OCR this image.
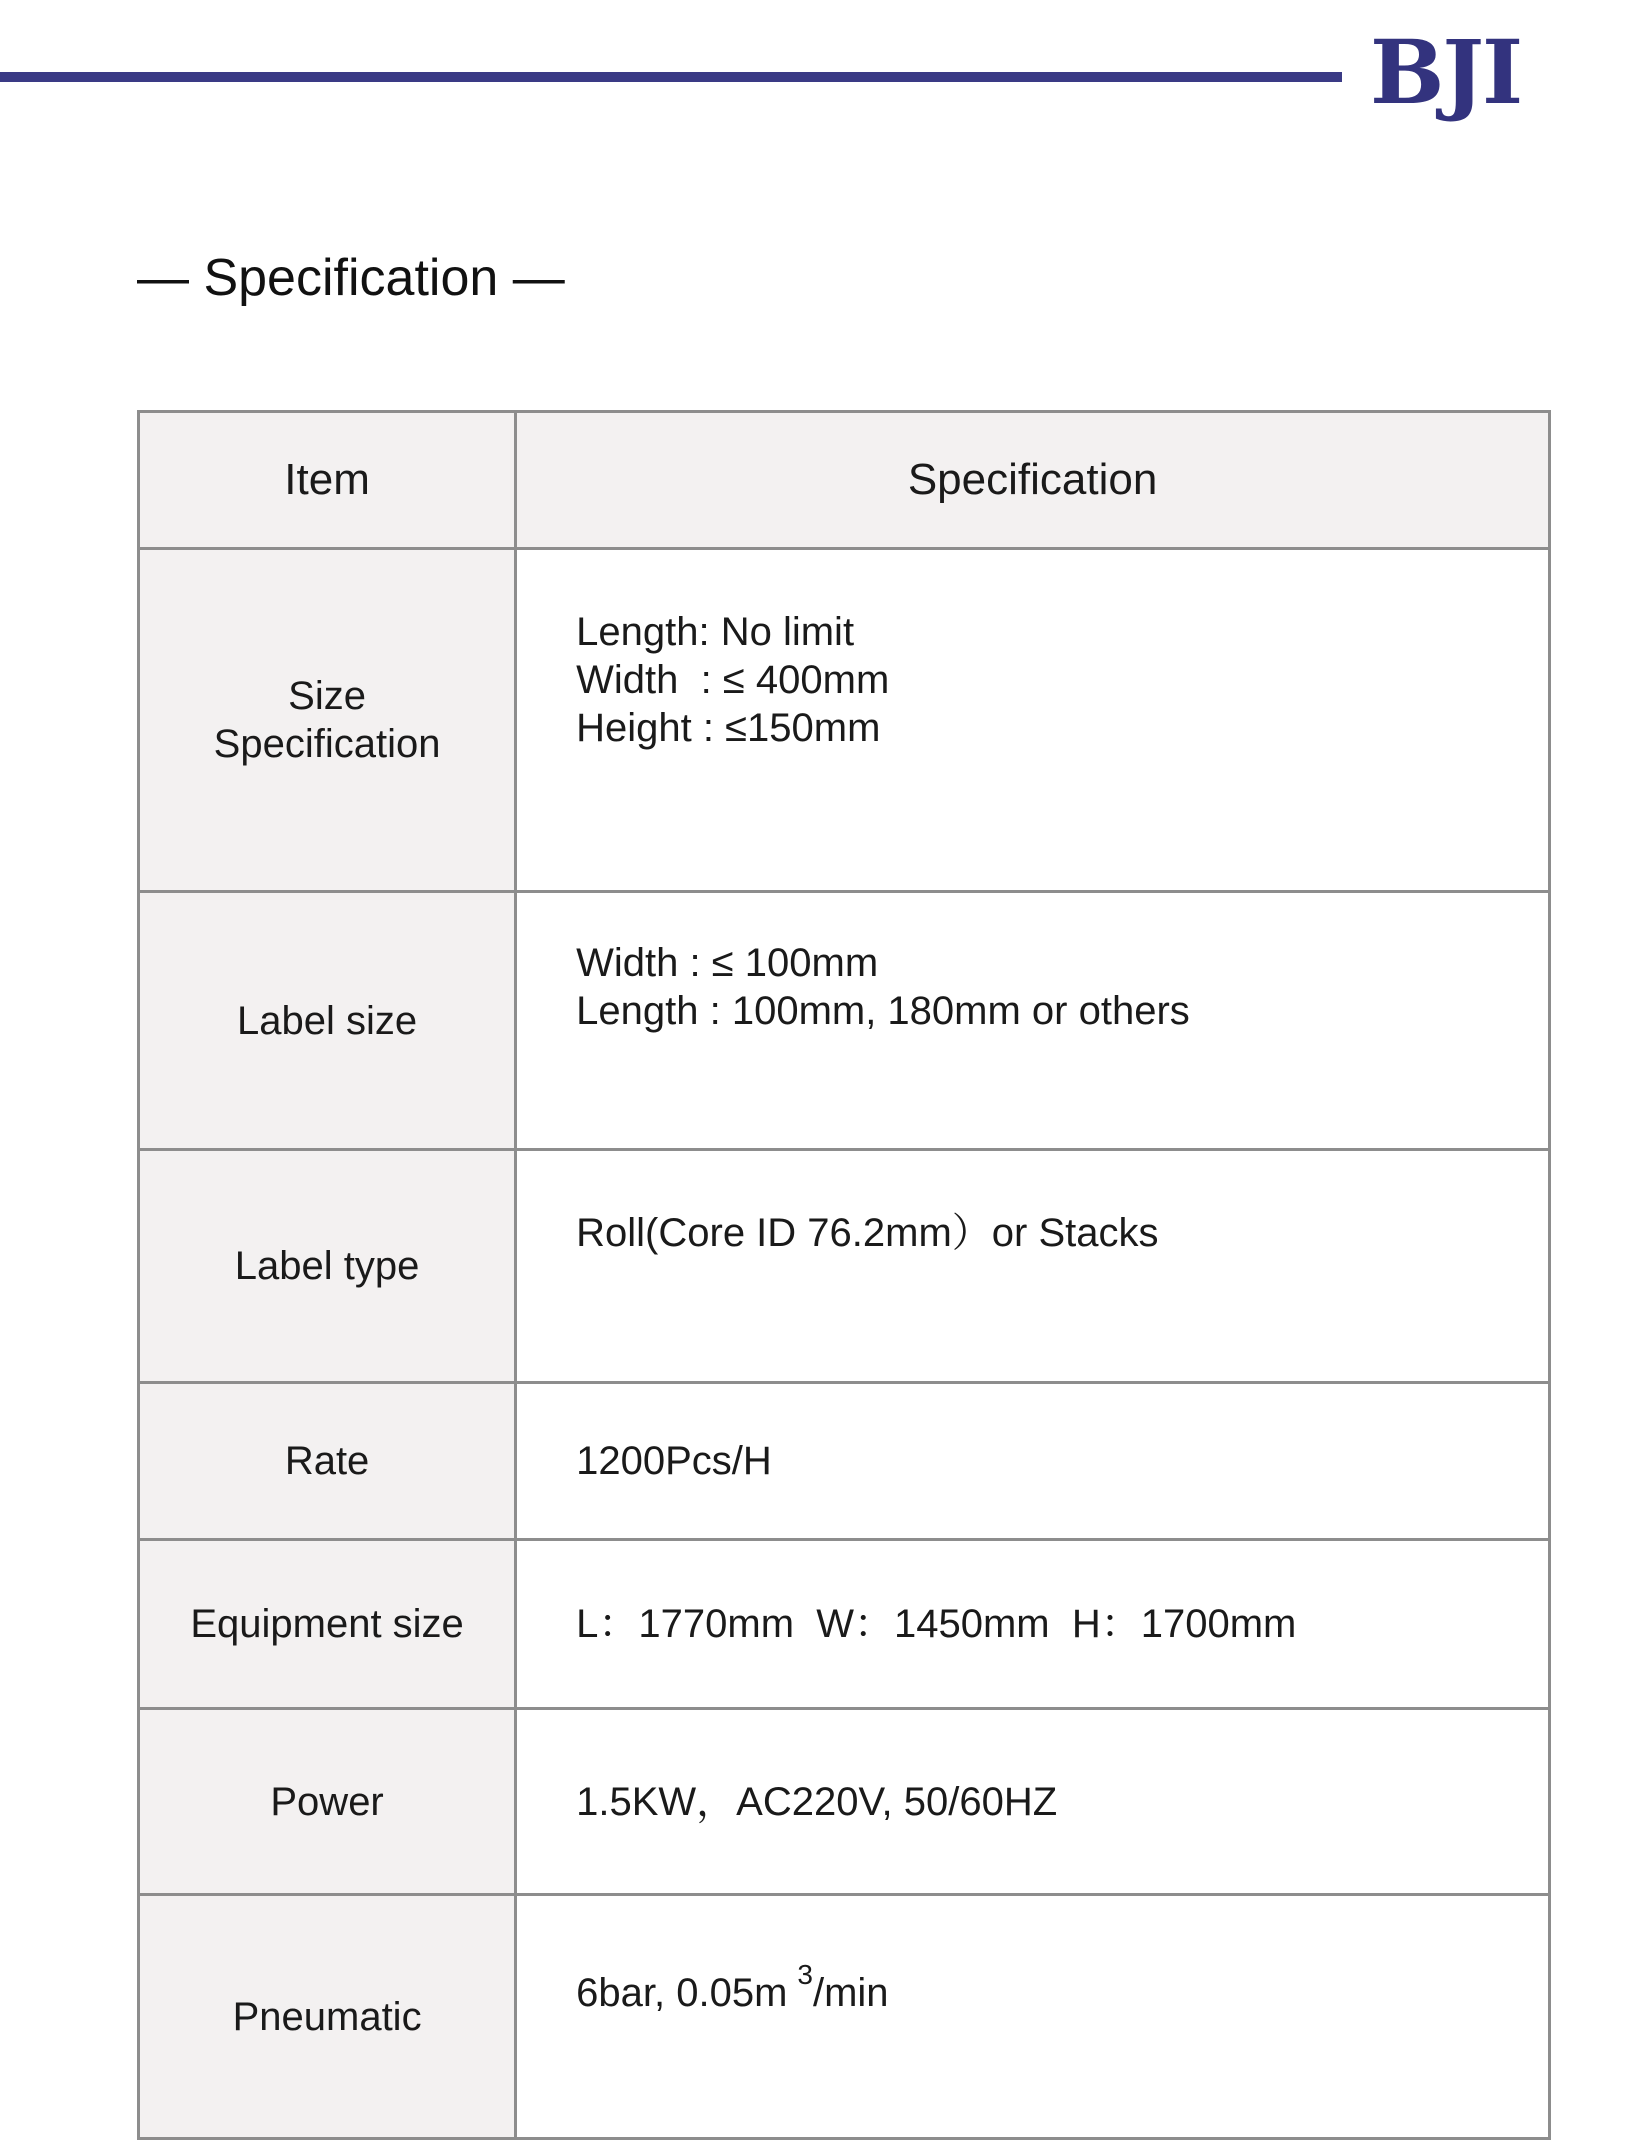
BJI
— Specification —
Item	Specification

Size
Specification	Length: No limit
Width  : ≤ 400mm
Height : ≤150mm

Label size	Width : ≤ 100mm
Length : 100mm, 180mm or others

Label type	Roll(Core ID 76.2mm）or Stacks

Rate	1200Pcs/H

Equipment size	L：1770mm  W：1450mm  H：1700mm

Power	1.5KW，AC220V, 50/60HZ

Pneumatic	6bar, 0.05m $^3$/min
